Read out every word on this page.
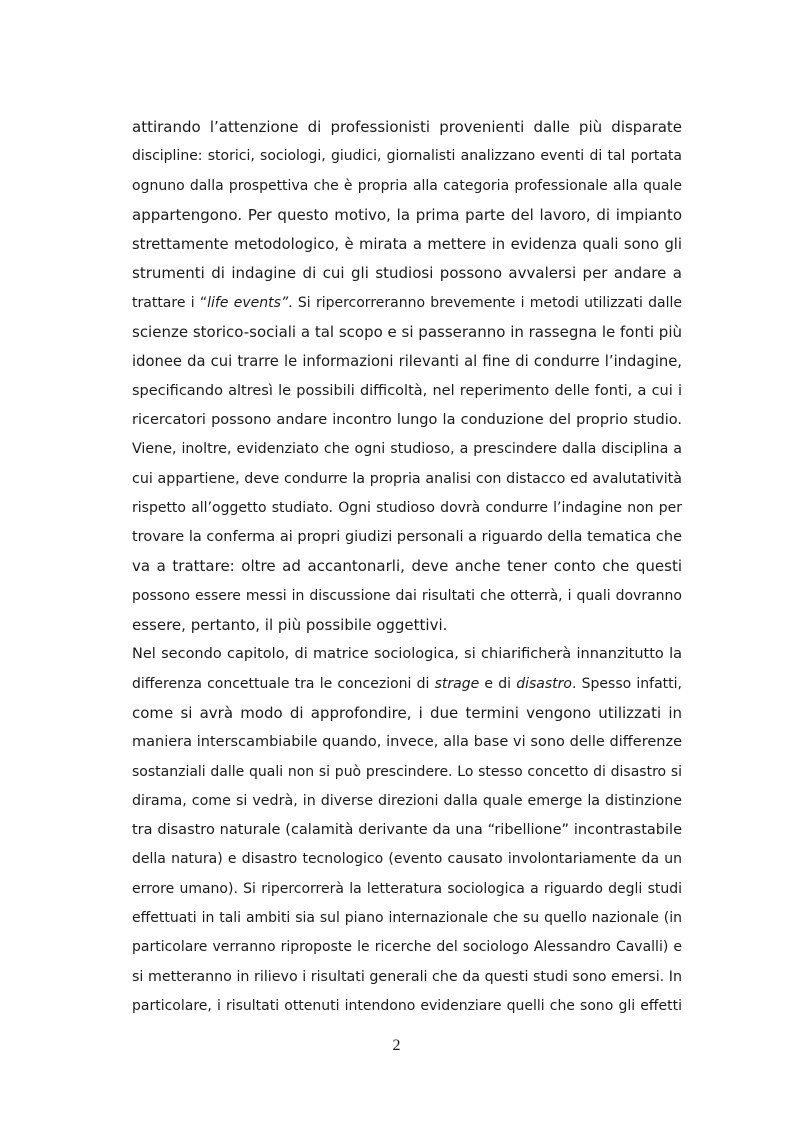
attirando l’attenzione di professionisti provenienti dalle più disparate
discipline: storici, sociologi, giudici, giornalisti analizzano eventi di tal portata
ognuno dalla prospettiva che è propria alla categoria professionale alla quale
appartengono. Per questo motivo, la prima parte del lavoro, di impianto
strettamente metodologico, è mirata a mettere in evidenza quali sono gli
strumenti di indagine di cui gli studiosi possono avvalersi per andare a
trattare i “life events”. Si ripercorreranno brevemente i metodi utilizzati dalle
scienze storico-sociali a tal scopo e si passeranno in rassegna le fonti più
idonee da cui trarre le informazioni rilevanti al fine di condurre l’indagine,
specificando altresì le possibili difficoltà, nel reperimento delle fonti, a cui i
ricercatori possono andare incontro lungo la conduzione del proprio studio.
Viene, inoltre, evidenziato che ogni studioso, a prescindere dalla disciplina a
cui appartiene, deve condurre la propria analisi con distacco ed avalutatività
rispetto all’oggetto studiato. Ogni studioso dovrà condurre l’indagine non per
trovare la conferma ai propri giudizi personali a riguardo della tematica che
va a trattare: oltre ad accantonarli, deve anche tener conto che questi
possono essere messi in discussione dai risultati che otterrà, i quali dovranno
essere, pertanto, il più possibile oggettivi.
Nel secondo capitolo, di matrice sociologica, si chiarificherà innanzitutto la
differenza concettuale tra le concezioni di strage e di disastro. Spesso infatti,
come si avrà modo di approfondire, i due termini vengono utilizzati in
maniera interscambiabile quando, invece, alla base vi sono delle differenze
sostanziali dalle quali non si può prescindere. Lo stesso concetto di disastro si
dirama, come si vedrà, in diverse direzioni dalla quale emerge la distinzione
tra disastro naturale (calamità derivante da una “ribellione” incontrastabile
della natura) e disastro tecnologico (evento causato involontariamente da un
errore umano). Si ripercorrerà la letteratura sociologica a riguardo degli studi
effettuati in tali ambiti sia sul piano internazionale che su quello nazionale (in
particolare verranno riproposte le ricerche del sociologo Alessandro Cavalli) e
si metteranno in rilievo i risultati generali che da questi studi sono emersi. In
particolare, i risultati ottenuti intendono evidenziare quelli che sono gli effetti
2
